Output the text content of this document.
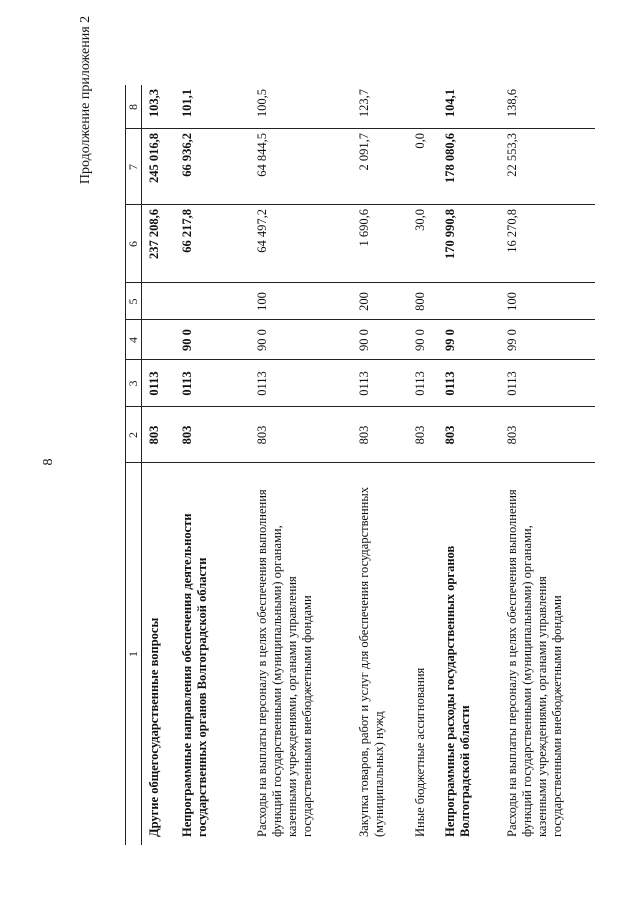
8
Продолжение приложения 2
1
2
3
4
5
6
7
8
Другие общегосударственные вопросы
803
0113
237 208,6
245 016,8
103,3
Непрограммные направления обеспечения деятельности государственных органов Волгоградской области
803
0113
90 0
66 217,8
66 936,2
101,1
Расходы на выплаты персоналу в целях обеспечения выполнения функций государственными (муниципальными) органами, казенными учреждениями, органами управления государственными внебюджетными фондами
803
0113
90 0
100
64 497,2
64 844,5
100,5
Закупка товаров, работ и услуг для обеспечения государственных (муниципальных) нужд
803
0113
90 0
200
1 690,6
2 091,7
123,7
Иные бюджетные ассигнования
803
0113
90 0
800
30,0
0,0
Непрограммные расходы государственных органов Волгоградской области
803
0113
99 0
170 990,8
178 080,6
104,1
Расходы на выплаты персоналу в целях обеспечения выполнения функций государственными (муниципальными) органами, казенными учреждениями, органами управления государственными внебюджетными фондами
803
0113
99 0
100
16 270,8
22 553,3
138,6
